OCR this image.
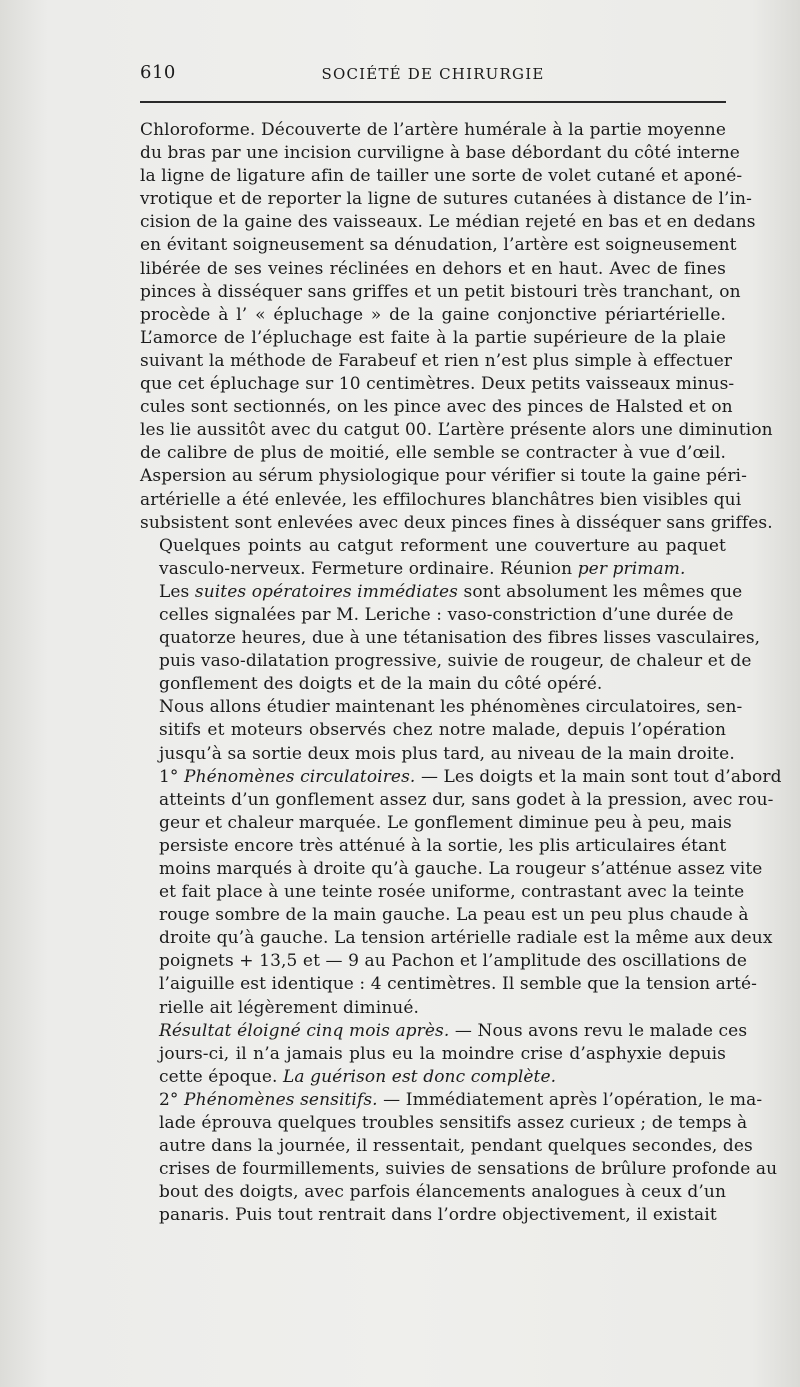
610	SOCIÉTÉ DE CHIRURGIE

Chloroforme. Découverte de l’artère humérale à la partie moyenne
du bras par une incision curviligne à base débordant du côté interne
la ligne de ligature afin de tailler une sorte de volet cutané et aponé-
vrotique et de reporter la ligne de sutures cutanées à distance de l’in-
cision de la gaine des vaisseaux. Le médian rejeté en bas et en dedans
en évitant soigneusement sa dénudation, l’artère est soigneusement
libérée de ses veines réclinées en dehors et en haut. Avec de fines
pinces à disséquer sans griffes et un petit bistouri très tranchant, on
procède à l’ « épluchage » de la gaine conjonctive périartérielle.
L’amorce de l’épluchage est faite à la partie supérieure de la plaie
suivant la méthode de Farabeuf et rien n’est plus simple à effectuer
que cet épluchage sur 10 centimètres. Deux petits vaisseaux minus-
cules sont sectionnés, on les pince avec des pinces de Halsted et on
les lie aussitôt avec du catgut 00. L’artère présente alors une diminution
de calibre de plus de moitié, elle semble se contracter à vue d’œil.
Aspersion au sérum physiologique pour vérifier si toute la gaine péri-
artérielle a été enlevée, les effilochures blanchâtres bien visibles qui
subsistent sont enlevées avec deux pinces fines à disséquer sans griffes.

Quelques points au catgut reforment une couverture au paquet
vasculo-nerveux. Fermeture ordinaire. Réunion per primam.

Les suites opératoires immédiates sont absolument les mêmes que
celles signalées par M. Leriche : vaso-constriction d’une durée de
quatorze heures, due à une tétanisation des fibres lisses vasculaires,
puis vaso-dilatation progressive, suivie de rougeur, de chaleur et de
gonflement des doigts et de la main du côté opéré.

Nous allons étudier maintenant les phénomènes circulatoires, sen-
sitifs et moteurs observés chez notre malade, depuis l’opération
jusqu’à sa sortie deux mois plus tard, au niveau de la main droite.

1° Phénomènes circulatoires. — Les doigts et la main sont tout d’abord
atteints d’un gonflement assez dur, sans godet à la pression, avec rou-
geur et chaleur marquée. Le gonflement diminue peu à peu, mais
persiste encore très atténué à la sortie, les plis articulaires étant
moins marqués à droite qu’à gauche. La rougeur s’atténue assez vite
et fait place à une teinte rosée uniforme, contrastant avec la teinte
rouge sombre de la main gauche. La peau est un peu plus chaude à
droite qu’à gauche. La tension artérielle radiale est la même aux deux
poignets + 13,5 et — 9 au Pachon et l’amplitude des oscillations de
l’aiguille est identique : 4 centimètres. Il semble que la tension arté-
rielle ait légèrement diminué.

Résultat éloigné cinq mois après. — Nous avons revu le malade ces
jours-ci, il n’a jamais plus eu la moindre crise d’asphyxie depuis
cette époque. La guérison est donc complète.

2° Phénomènes sensitifs. — Immédiatement après l’opération, le ma-
lade éprouva quelques troubles sensitifs assez curieux ; de temps à
autre dans la journée, il ressentait, pendant quelques secondes, des
crises de fourmillements, suivies de sensations de brûlure profonde au
bout des doigts, avec parfois élancements analogues à ceux d’un
panaris. Puis tout rentrait dans l’ordre objectivement, il existait
